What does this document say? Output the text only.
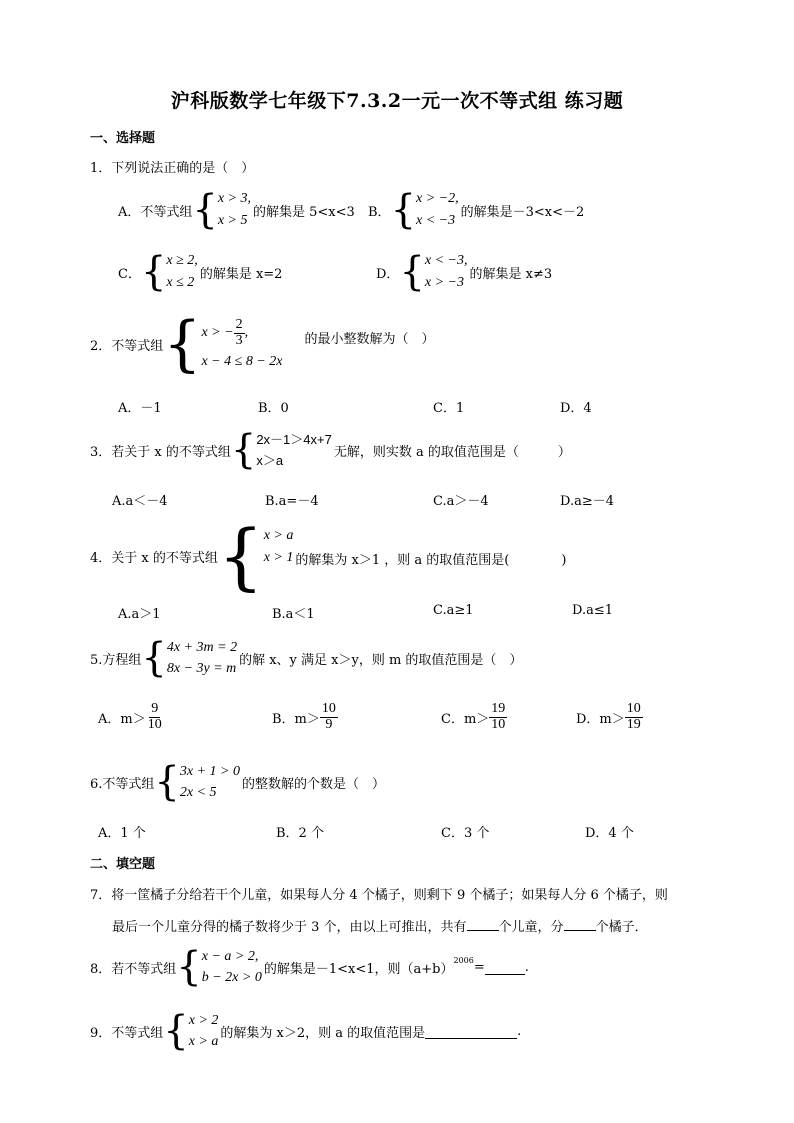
沪科版数学七年级下7.3.2一元一次不等式组 练习题
一、选择题
1．下列说法正确的是（　）
A．不等式组 { x > 3,
x > 5
的解集是 5<x<3 B． { x > −2,
x < −3
的解集是－3<x<－2
C． { x ≥ 2,
x ≤ 2
的解集是 x=2	D． { x < −3,
x > −3
的解集是 x≠3
2．不等式组 { x > − $\frac{2}{3}$ ,
x − 4 ≤ 8 − 2x
的最小整数解为（　）
A．－1	B．0	C．1	D．4
3．若关于 x 的不等式组 { 2x－1＞4x+7
x＞a
无解，则实数 a 的取值范围是（　　　）
A.a＜－4	B.a=－4	C.a＞－4	D.a≥－4
4．关于 x 的不等式组 { x > a
x > 1 的解集为 x＞1 ，则 a 的取值范围是(　　　　)
A.a＞1	B.a＜1	C.a≥1	D.a≤1
5.方程组 { 4x + 3m = 2
8x − 3y = m
的解 x、y 满足 x＞y，则 m 的取值范围是（　）
A．$m> \frac{9}{10}$	B．$m> \frac{10}{9}$	C．$m> \frac{19}{10}$	D．$m> \frac{10}{19}$
6.不等式组 { 3x + 1 > 0
2x < 5
的整数解的个数是（　）
A．1 个	B．2 个	C．3 个	D．4 个
二、填空题
7．将一筐橘子分给若干个儿童，如果每人分 4 个橘子，则剩下 9 个橘子；如果每人分 6 个橘子，则
最后一个儿童分得的橘子数将少于 3 个，由以上可推出，共有 个儿童，分 个橘子．
8．若不等式组 { x − a > 2,
b − 2x > 0
的解集是－1<x<1，则（a+b）
2006 =	.
9．不等式组 { x > 2
x > a
的解集为 x＞2，则 a 的取值范围是	.
